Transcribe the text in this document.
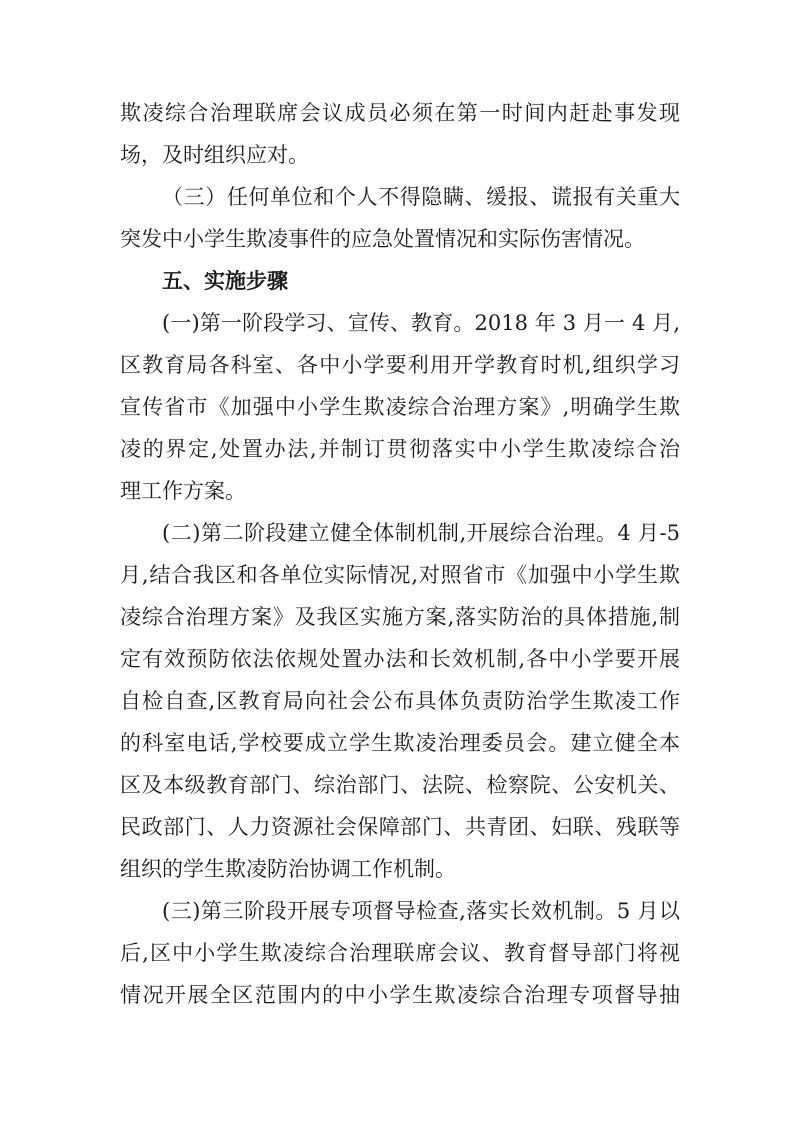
欺凌综合治理联席会议成员必须在第一时间内赶赴事发现
场，及时组织应对。
（三）任何单位和个人不得隐瞒、缓报、谎报有关重大
突发中小学生欺凌事件的应急处置情况和实际伤害情况。
五、实施步骤
(一)第一阶段学习、宣传、教育。2018 年 3 月一 4 月,
区教育局各科室、各中小学要利用开学教育时机,组织学习
宣传省市《加强中小学生欺凌综合治理方案》,明确学生欺
凌的界定,处置办法,并制订贯彻落实中小学生欺凌综合治
理工作方案。
(二)第二阶段建立健全体制机制,开展综合治理。4 月-5
月,结合我区和各单位实际情况,对照省市《加强中小学生欺
凌综合治理方案》及我区实施方案,落实防治的具体措施,制
定有效预防依法依规处置办法和长效机制,各中小学要开展
自检自查,区教育局向社会公布具体负责防治学生欺凌工作
的科室电话,学校要成立学生欺凌治理委员会。建立健全本
区及本级教育部门、综治部门、法院、检察院、公安机关、
民政部门、人力资源社会保障部门、共青团、妇联、残联等
组织的学生欺凌防治协调工作机制。
(三)第三阶段开展专项督导检查,落实长效机制。5 月以
后,区中小学生欺凌综合治理联席会议、教育督导部门将视
情况开展全区范围内的中小学生欺凌综合治理专项督导抽
